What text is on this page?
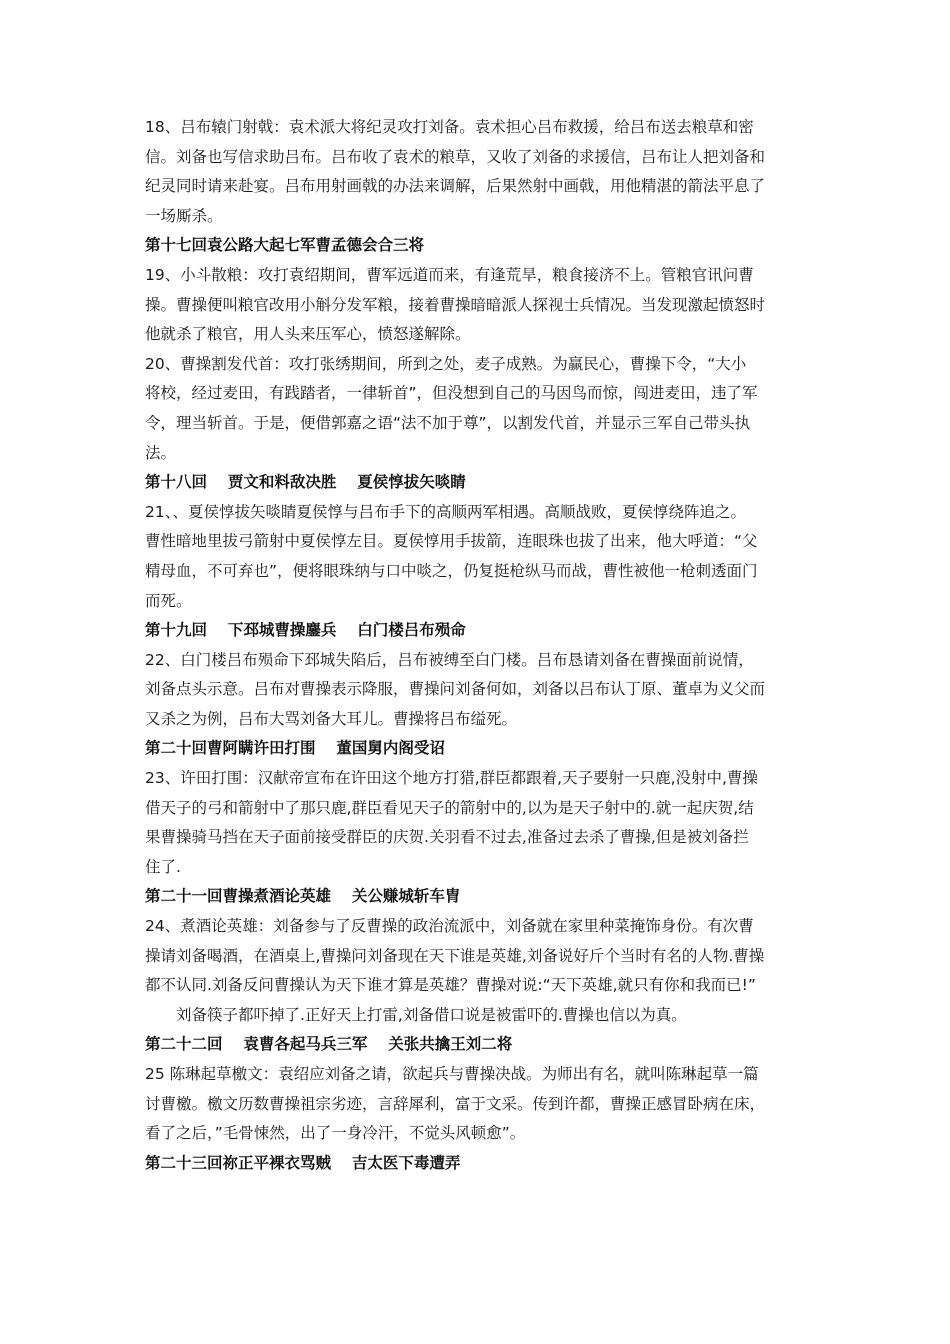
18、吕布辕门射戟：袁术派大将纪灵攻打刘备。袁术担心吕布救援，给吕布送去粮草和密
信。刘备也写信求助吕布。吕布收了袁术的粮草，又收了刘备的求援信，吕布让人把刘备和
纪灵同时请来赴宴。吕布用射画戟的办法来调解，后果然射中画戟，用他精湛的箭法平息了
一场厮杀。
第十七回袁公路大起七军曹孟德会合三将
19、小斗散粮：攻打袁绍期间，曹军远道而来，有逢荒旱，粮食接济不上。管粮官讯问曹
操。曹操便叫粮官改用小斛分发军粮，接着曹操暗暗派人探视士兵情况。当发现激起愤怒时
他就杀了粮官，用人头来压军心，愤怒遂解除。
20、曹操割发代首：攻打张绣期间，所到之处，麦子成熟。为赢民心，曹操下令，“大小
将校，经过麦田，有践踏者，一律斩首”，但没想到自己的马因鸟而惊，闯进麦田，违了军
令，理当斩首。于是，便借郭嘉之语“法不加于尊”，以割发代首，并显示三军自己带头执
法。
第十八回　 贾文和料敌决胜　 夏侯惇拔矢啖睛
21、、夏侯惇拔矢啖睛夏侯惇与吕布手下的高顺两军相遇。高顺战败，夏侯惇绕阵追之。
曹性暗地里拔弓箭射中夏侯惇左目。夏侯惇用手拔箭，连眼珠也拔了出来，他大呼道：“父
精母血，不可弃也”，便将眼珠纳与口中啖之，仍复挺枪纵马而战，曹性被他一枪刺透面门
而死。
第十九回　 下邳城曹操鏖兵　 白门楼吕布殒命
22、白门楼吕布殒命下邳城失陷后，吕布被缚至白门楼。吕布恳请刘备在曹操面前说情，
刘备点头示意。吕布对曹操表示降服，曹操问刘备何如，刘备以吕布认丁原、董卓为义父而
又杀之为例，吕布大骂刘备大耳儿。曹操将吕布缢死。
第二十回曹阿瞒许田打围　 董国舅内阁受诏
23、许田打围：汉献帝宣布在许田这个地方打猎,群臣都跟着,天子要射一只鹿,没射中,曹操
借天子的弓和箭射中了那只鹿,群臣看见天子的箭射中的,以为是天子射中的.就一起庆贺,结
果曹操骑马挡在天子面前接受群臣的庆贺.关羽看不过去,准备过去杀了曹操,但是被刘备拦
住了.
第二十一回曹操煮酒论英雄　 关公赚城斩车胄
24、煮酒论英雄：刘备参与了反曹操的政治流派中，刘备就在家里种菜掩饰身份。有次曹
操请刘备喝酒，在酒桌上,曹操问刘备现在天下谁是英雄,刘备说好斤个当时有名的人物.曹操
都不认同.刘备反问曹操认为天下谁才算是英雄？曹操对说:“天下英雄,就只有你和我而已!”
　　刘备筷子都吓掉了.正好天上打雷,刘备借口说是被雷吓的.曹操也信以为真。
第二十二回　 袁曹各起马兵三军　 关张共擒王刘二将
25 陈琳起草檄文：袁绍应刘备之请，欲起兵与曹操决战。为师出有名，就叫陈琳起草一篇
讨曹檄。檄文历数曹操祖宗劣迹，言辞犀利，富于文采。传到许都，曹操正感冒卧病在床，
看了之后，”毛骨悚然，出了一身冷汗，不觉头风顿愈”。
第二十三回祢正平裸衣骂贼　 吉太医下毒遭弄
